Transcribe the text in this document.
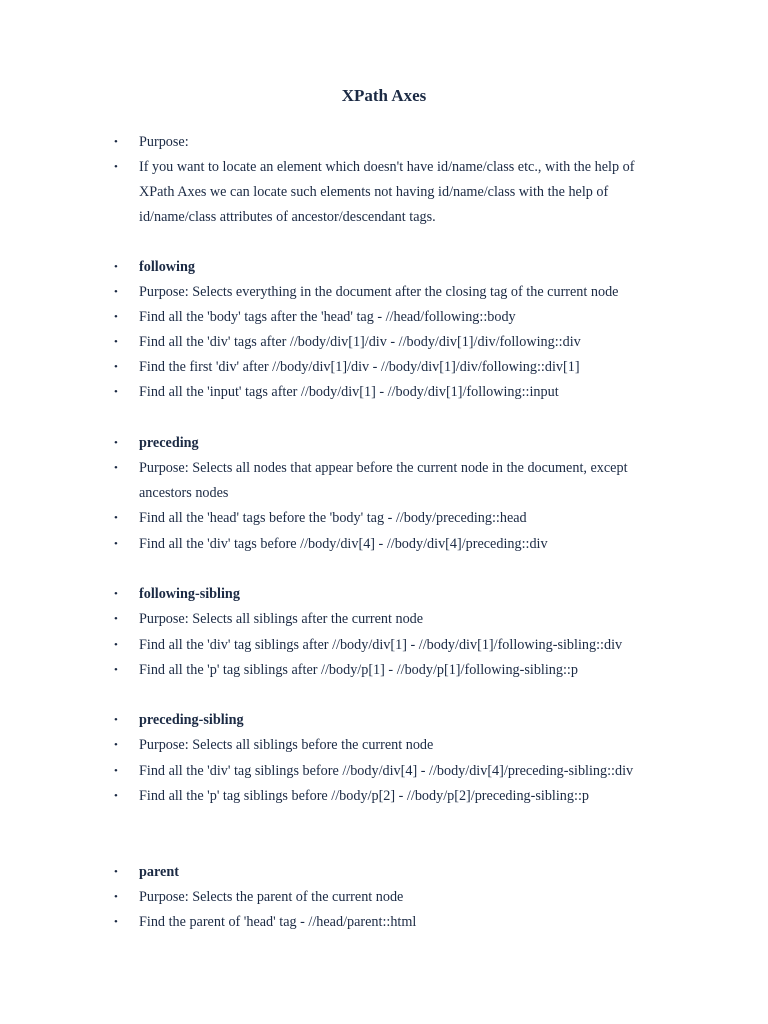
XPath Axes
•	Purpose:
•	If you want to locate an element which doesn't have id/name/class etc., with the help of
XPath Axes we can locate such elements not having id/name/class with the help of
id/name/class attributes of ancestor/descendant tags.
•	following
•	Purpose: Selects everything in the document after the closing tag of the current node
•	Find all the 'body' tags after the 'head' tag - //head/following::body
•	Find all the 'div' tags after //body/div[1]/div - //body/div[1]/div/following::div
•	Find the first 'div' after //body/div[1]/div - //body/div[1]/div/following::div[1]
•	Find all the 'input' tags after //body/div[1] - //body/div[1]/following::input
•	preceding
•	Purpose: Selects all nodes that appear before the current node in the document, except
ancestors nodes
•	Find all the 'head' tags before the 'body' tag - //body/preceding::head
•	Find all the 'div' tags before //body/div[4] - //body/div[4]/preceding::div
•	following-sibling
•	Purpose: Selects all siblings after the current node
•	Find all the 'div' tag siblings after //body/div[1] - //body/div[1]/following-sibling::div
•	Find all the 'p' tag siblings after //body/p[1] - //body/p[1]/following-sibling::p
•	preceding-sibling
•	Purpose: Selects all siblings before the current node
•	Find all the 'div' tag siblings before //body/div[4] - //body/div[4]/preceding-sibling::div
•	Find all the 'p' tag siblings before //body/p[2] - //body/p[2]/preceding-sibling::p
•	parent
•	Purpose: Selects the parent of the current node
•	Find the parent of 'head' tag - //head/parent::html
